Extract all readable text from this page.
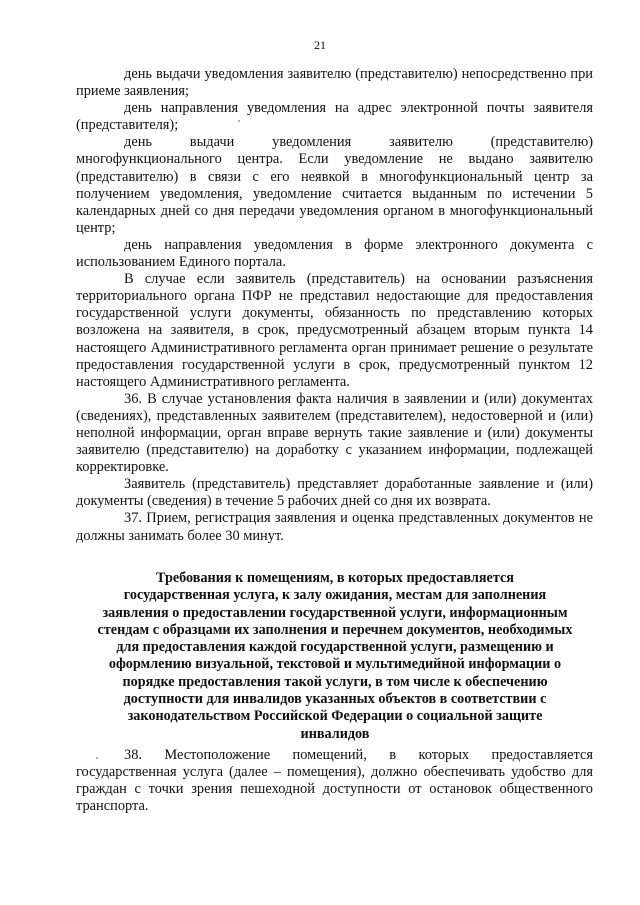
21

день выдачи уведомления заявителю (представителю) непосредственно при приеме заявления;

день направления уведомления на адрес электронной почты заявителя (представителя);

день выдачи уведомления заявителю (представителю) многофункционального центра. Если уведомление не выдано заявителю (представителю) в связи с его неявкой в многофункциональный центр за получением уведомления, уведомление считается выданным по истечении 5 календарных дней со дня передачи уведомления органом в многофункциональный центр;

день направления уведомления в форме электронного документа с использованием Единого портала.

В случае если заявитель (представитель) на основании разъяснения территориального органа ПФР не представил недостающие для предоставления государственной услуги документы, обязанность по представлению которых возложена на заявителя, в срок, предусмотренный абзацем вторым пункта 14 настоящего Административного регламента орган принимает решение о результате предоставления государственной услуги в срок, предусмотренный пунктом 12 настоящего Административного регламента.

36. В случае установления факта наличия в заявлении и (или) документах (сведениях), представленных заявителем (представителем), недостоверной и (или) неполной информации, орган вправе вернуть такие заявление и (или) документы заявителю (представителю) на доработку с указанием информации, подлежащей корректировке.

Заявитель (представитель) представляет доработанные заявление и (или) документы (сведения) в течение 5 рабочих дней со дня их возврата.

37. Прием, регистрация заявления и оценка представленных документов не должны занимать более 30 минут.

Требования к помещениям, в которых предоставляется

государственная услуга, к залу ожидания, местам для заполнения

заявления о предоставлении государственной услуги, информационным

стендам с образцами их заполнения и перечнем документов, необходимых

для предоставления каждой государственной услуги, размещению и

оформлению визуальной, текстовой и мультимедийной информации о

порядке предоставления такой услуги, в том числе к обеспечению

доступности для инвалидов указанных объектов в соответствии с

законодательством Российской Федерации о социальной защите

инвалидов

38. Местоположение помещений, в которых предоставляется государственная услуга (далее – помещения), должно обеспечивать удобство для граждан с точки зрения пешеходной доступности от остановок общественного транспорта.
